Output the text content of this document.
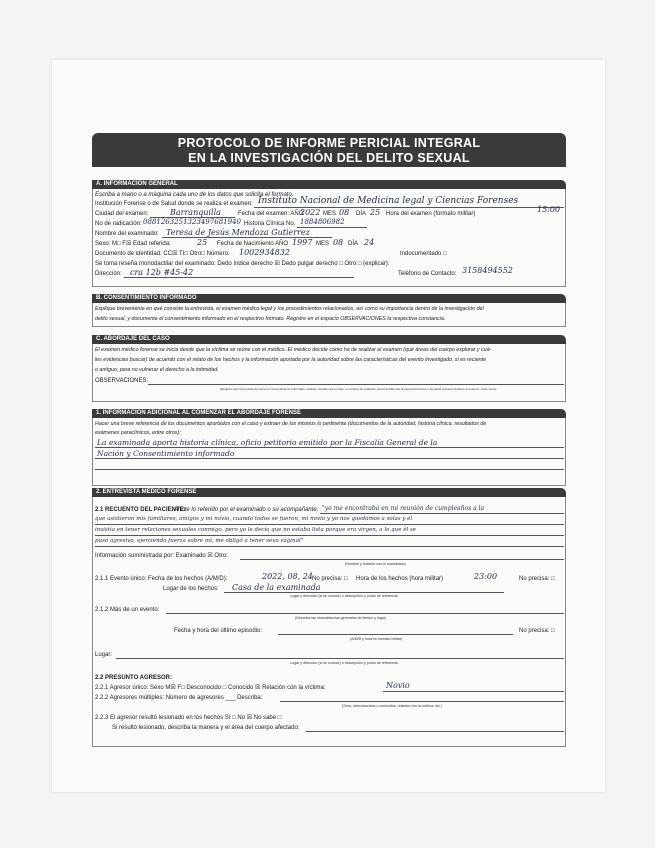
PROTOCOLO DE INFORME PERICIAL INTEGRAL
EN LA INVESTIGACIÓN DEL DELITO SEXUAL
A. INFORMACIÓN GENERAL
Escriba a mano o a máquina cada uno de los datos que solicita el formato.
Institución Forense o de Salud donde se realiza el examen: Instituto Nacional de Medicina legal y Ciencias Forenses
Ciudad del examen:	Barranquilla	Fecha del examen: AÑO
2022 MES 08 DÍA 25 Hora del examen (formato militar)	15:00
No de radicación: 0881263251323497681940 Historia Clínica No. 1884806982
Nombre del examinado: Teresa de Jesús Mendoza Gutierrez
Sexo: M□ F☒ Edad referida:	25 Fecha de Nacimiento AÑO 1997 MES 08 DÍA 24
Documento de identidad: CC☒ TI□ Otro□ Número: 1002934832	Indocumentado □
Se toma reseña monodactilar del examinado: Dedo índice derecho ☒ Dedo pulgar derecho □ Otro □ (explicar):
Dirección: cra 12b #45-42	Teléfono de Contacto: 3158494552
B. CONSENTIMIENTO INFORMADO
Explique brevemente en qué consiste la entrevista, el examen médico legal y los procedimientos relacionados, así como su importancia dentro de la investigación del
delito sexual, y documente el consentimiento informado en el respectivo formato. Registre en el espacio OBSERVACIONES la respectiva constancia.
C. ABORDAJE DEL CASO
El examen médico forense se inicia desde que la víctima se reúne con el médico. El médico decide cómo ha de realizar el examen (qué áreas del cuerpo explorar y cuá-
les evidencias buscar) de acuerdo con el relato de los hechos y la información aportada por la autoridad sobre las características del evento investigado, si es reciente
o antiguo, para no vulnerar el derecho a la intimidad.
OBSERVACIONES:
(Registre aquí la constancia sobre el Consentimiento Informado, también cuando sea el caso, el nombre de cualquier persona diferente al personal forense o de salud presente durante el examen, entre otros)
1. INFORMACIÓN ADICIONAL AL COMENZAR EL ABORDAJE FORENSE
Hacer una breve referencia de los documentos aportados con el caso y extraer de los mismos lo pertinente (documentos de la autoridad, historia clínica, resultados de
exámenes paraclínicos, entre otros):
La examinada aporta historia clínica, oficio petitorio emitido por la Fiscalía General de la
Nación y Consentimiento informado
2. ENTREVISTA MÉDICO FORENSE
2.1 RECUENTO DEL PACIENTE:
Anote lo referido por el examinado o su acompañante. "yo me encontraba en mi reunión de cumpleaños a la
que asistieron mis familiares, amigos y mi novio, cuando todos se fueron, mi novio y yo nos quedamos a solas y él
insistía en tener relaciones sexuales conmigo, pero yo le decía que no estaba lista porque era virgen, a lo que él se
puso agresivo, ejerciendo fuerza sobre mí, me obligó a tener sexo vaginal"
Información suministrada por: Examinado ☒ Otro:
(Nombre y relación con el examinado)
2.1.1 Evento único: Fecha de los hechos (A/M/D):	2022, 08, 24 No precisa: □ Hora de los hechos (hora militar)	23:00	No precisa: □
Lugar de los hechos: Casa de la examinada
Lugar y dirección (si se conoce) o descripción y punto de referencia
2.1.2 Más de un evento:
(Describa las circunstancias generales de tiempo y lugar)
Fecha y hora del último episodio:
(A/M/D y hora en formato militar)
No precisa: □
Lugar:
Lugar y dirección (si se conoce) o descripción y punto de referencia
2.2 PRESUNTO AGRESOR:
2.2.1 Agresor único: Sexo M☒ F□ Desconocido □ Conocido ☒ Relación con la víctima:	Novio
2.2.2 Agresores múltiples: Número de agresores ___ Describa:
(Sexo, desconocidos o conocidos, relación con la víctima; etc.)
2.2.3 El agresor resultó lesionado en los hechos Sí □ No ☒ No sabe □
Si resultó lesionado, describa la manera y el área del cuerpo afectado:
